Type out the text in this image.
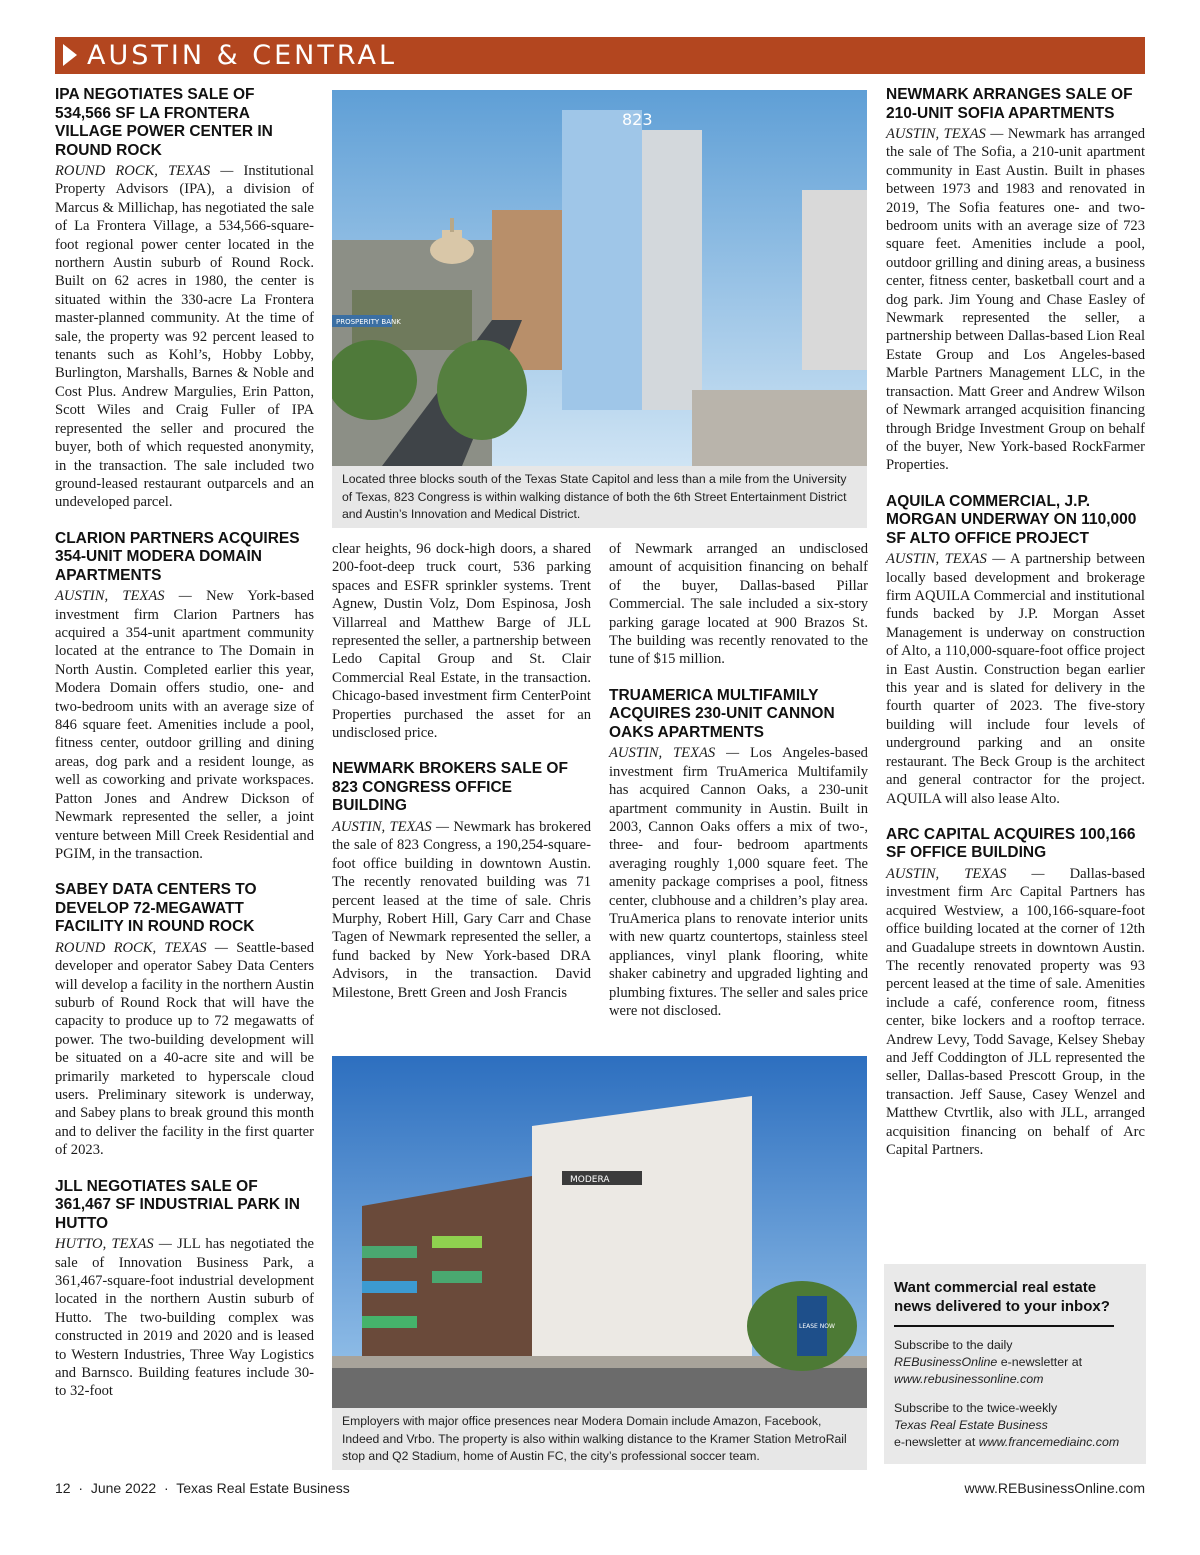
AUSTIN & CENTRAL
IPA NEGOTIATES SALE OF 534,566 SF LA FRONTERA VILLAGE POWER CENTER IN ROUND ROCK

ROUND ROCK, TEXAS — Institutional Property Advisors (IPA), a division of Marcus & Millichap, has negotiated the sale of La Frontera Village, a 534,566-square-foot regional power center located in the northern Austin suburb of Round Rock. Built on 62 acres in 1980, the center is situated within the 330-acre La Frontera master-planned community. At the time of sale, the property was 92 percent leased to tenants such as Kohl’s, Hobby Lobby, Burlington, Marshalls, Barnes & Noble and Cost Plus. Andrew Margulies, Erin Patton, Scott Wiles and Craig Fuller of IPA represented the seller and procured the buyer, both of which requested anonymity, in the transaction. The sale included two ground-leased restaurant outparcels and an undeveloped parcel.

CLARION PARTNERS ACQUIRES 354-UNIT MODERA DOMAIN APARTMENTS

AUSTIN, TEXAS — New York-based investment firm Clarion Partners has acquired a 354-unit apartment community located at the entrance to The Domain in North Austin. Completed earlier this year, Modera Domain offers studio, one- and two-bedroom units with an average size of 846 square feet. Amenities include a pool, fitness center, outdoor grilling and dining areas, dog park and a resident lounge, as well as coworking and private workspaces. Patton Jones and Andrew Dickson of Newmark represented the seller, a joint venture between Mill Creek Residential and PGIM, in the transaction.

SABEY DATA CENTERS TO DEVELOP 72-MEGAWATT FACILITY IN ROUND ROCK

ROUND ROCK, TEXAS — Seattle-based developer and operator Sabey Data Centers will develop a facility in the northern Austin suburb of Round Rock that will have the capacity to produce up to 72 megawatts of power. The two-building development will be situated on a 40-acre site and will be primarily marketed to hyperscale cloud users. Preliminary sitework is underway, and Sabey plans to break ground this month and to deliver the facility in the first quarter of 2023.

JLL NEGOTIATES SALE OF 361,467 SF INDUSTRIAL PARK IN HUTTO

HUTTO, TEXAS — JLL has negotiated the sale of Innovation Business Park, a 361,467-square-foot industrial development located in the northern Austin suburb of Hutto. The two-building complex was constructed in 2019 and 2020 and is leased to Western Industries, Three Way Logistics and Barnsco. Building features include 30- to 32-foot

823
PROSPERITY BANK
Located three blocks south of the Texas State Capitol and less than a mile from the University of Texas, 823 Congress is within walking distance of both the 6th Street Entertainment District and Austin’s Innovation and Medical District.

clear heights, 96 dock-high doors, a shared 200-foot-deep truck court, 536 parking spaces and ESFR sprinkler systems. Trent Agnew, Dustin Volz, Dom Espinosa, Josh Villarreal and Matthew Barge of JLL represented the seller, a partnership between Ledo Capital Group and St. Clair Commercial Real Estate, in the transaction. Chicago-based investment firm CenterPoint Properties purchased the asset for an undisclosed price.

NEWMARK BROKERS SALE OF 823 CONGRESS OFFICE BUILDING

AUSTIN, TEXAS — Newmark has brokered the sale of 823 Congress, a 190,254-square-foot office building in downtown Austin. The recently renovated building was 71 percent leased at the time of sale. Chris Murphy, Robert Hill, Gary Carr and Chase Tagen of Newmark represented the seller, a fund backed by New York-based DRA Advisors, in the transaction. David Milestone, Brett Green and Josh Francis

of Newmark arranged an undisclosed amount of acquisition financing on behalf of the buyer, Dallas-based Pillar Commercial. The sale included a six-story parking garage located at 900 Brazos St. The building was recently renovated to the tune of $15 million.

TRUAMERICA MULTIFAMILY ACQUIRES 230-UNIT CANNON OAKS APARTMENTS

AUSTIN, TEXAS — Los Angeles-based investment firm TruAmerica Multifamily has acquired Cannon Oaks, a 230-unit apartment community in Austin. Built in 2003, Cannon Oaks offers a mix of two-, three- and four- bedroom apartments averaging roughly 1,000 square feet. The amenity package comprises a pool, fitness center, clubhouse and a children’s play area. TruAmerica plans to renovate interior units with new quartz countertops, stainless steel appliances, vinyl plank flooring, white shaker cabinetry and upgraded lighting and plumbing fixtures. The seller and sales price were not disclosed.

MODERA
LEASE NOW
Employers with major office presences near Modera Domain include Amazon, Facebook, Indeed and Vrbo. The property is also within walking distance to the Kramer Station MetroRail stop and Q2 Stadium, home of Austin FC, the city’s professional soccer team.
NEWMARK ARRANGES SALE OF 210-UNIT SOFIA APARTMENTS

AUSTIN, TEXAS — Newmark has arranged the sale of The Sofia, a 210-unit apartment community in East Austin. Built in phases between 1973 and 1983 and renovated in 2019, The Sofia features one- and two-bedroom units with an average size of 723 square feet. Amenities include a pool, outdoor grilling and dining areas, a business center, fitness center, basketball court and a dog park. Jim Young and Chase Easley of Newmark represented the seller, a partnership between Dallas-based Lion Real Estate Group and Los Angeles-based Marble Partners Management LLC, in the transaction. Matt Greer and Andrew Wilson of Newmark arranged acquisition financing through Bridge Investment Group on behalf of the buyer, New York-based RockFarmer Properties.

AQUILA COMMERCIAL, J.P. MORGAN UNDERWAY ON 110,000 SF ALTO OFFICE PROJECT

AUSTIN, TEXAS — A partnership between locally based development and brokerage firm AQUILA Commercial and institutional funds backed by J.P. Morgan Asset Management is underway on construction of Alto, a 110,000-square-foot office project in East Austin. Construction began earlier this year and is slated for delivery in the fourth quarter of 2023. The five-story building will include four levels of underground parking and an onsite restaurant. The Beck Group is the architect and general contractor for the project. AQUILA will also lease Alto.

ARC CAPITAL ACQUIRES 100,166 SF OFFICE BUILDING

AUSTIN, TEXAS — Dallas-based investment firm Arc Capital Partners has acquired Westview, a 100,166-square-foot office building located at the corner of 12th and Guadalupe streets in downtown Austin. The recently renovated property was 93 percent leased at the time of sale. Amenities include a café, conference room, fitness center, bike lockers and a rooftop terrace. Andrew Levy, Todd Savage, Kelsey Shebay and Jeff Coddington of JLL represented the seller, Dallas-based Prescott Group, in the transaction. Jeff Sause, Casey Wenzel and Matthew Ctvrtlik, also with JLL, arranged acquisition financing on behalf of Arc Capital Partners.

Want commercial real estate news delivered to your inbox?
Subscribe to the daily
REBusinessOnline e-newsletter at
www.rebusinessonline.com
Subscribe to the twice-weekly
Texas Real Estate Business
e-newsletter at www.francemediainc.com
12  ·  June 2022  ·  Texas Real Estate Business	www.REBusinessOnline.com
